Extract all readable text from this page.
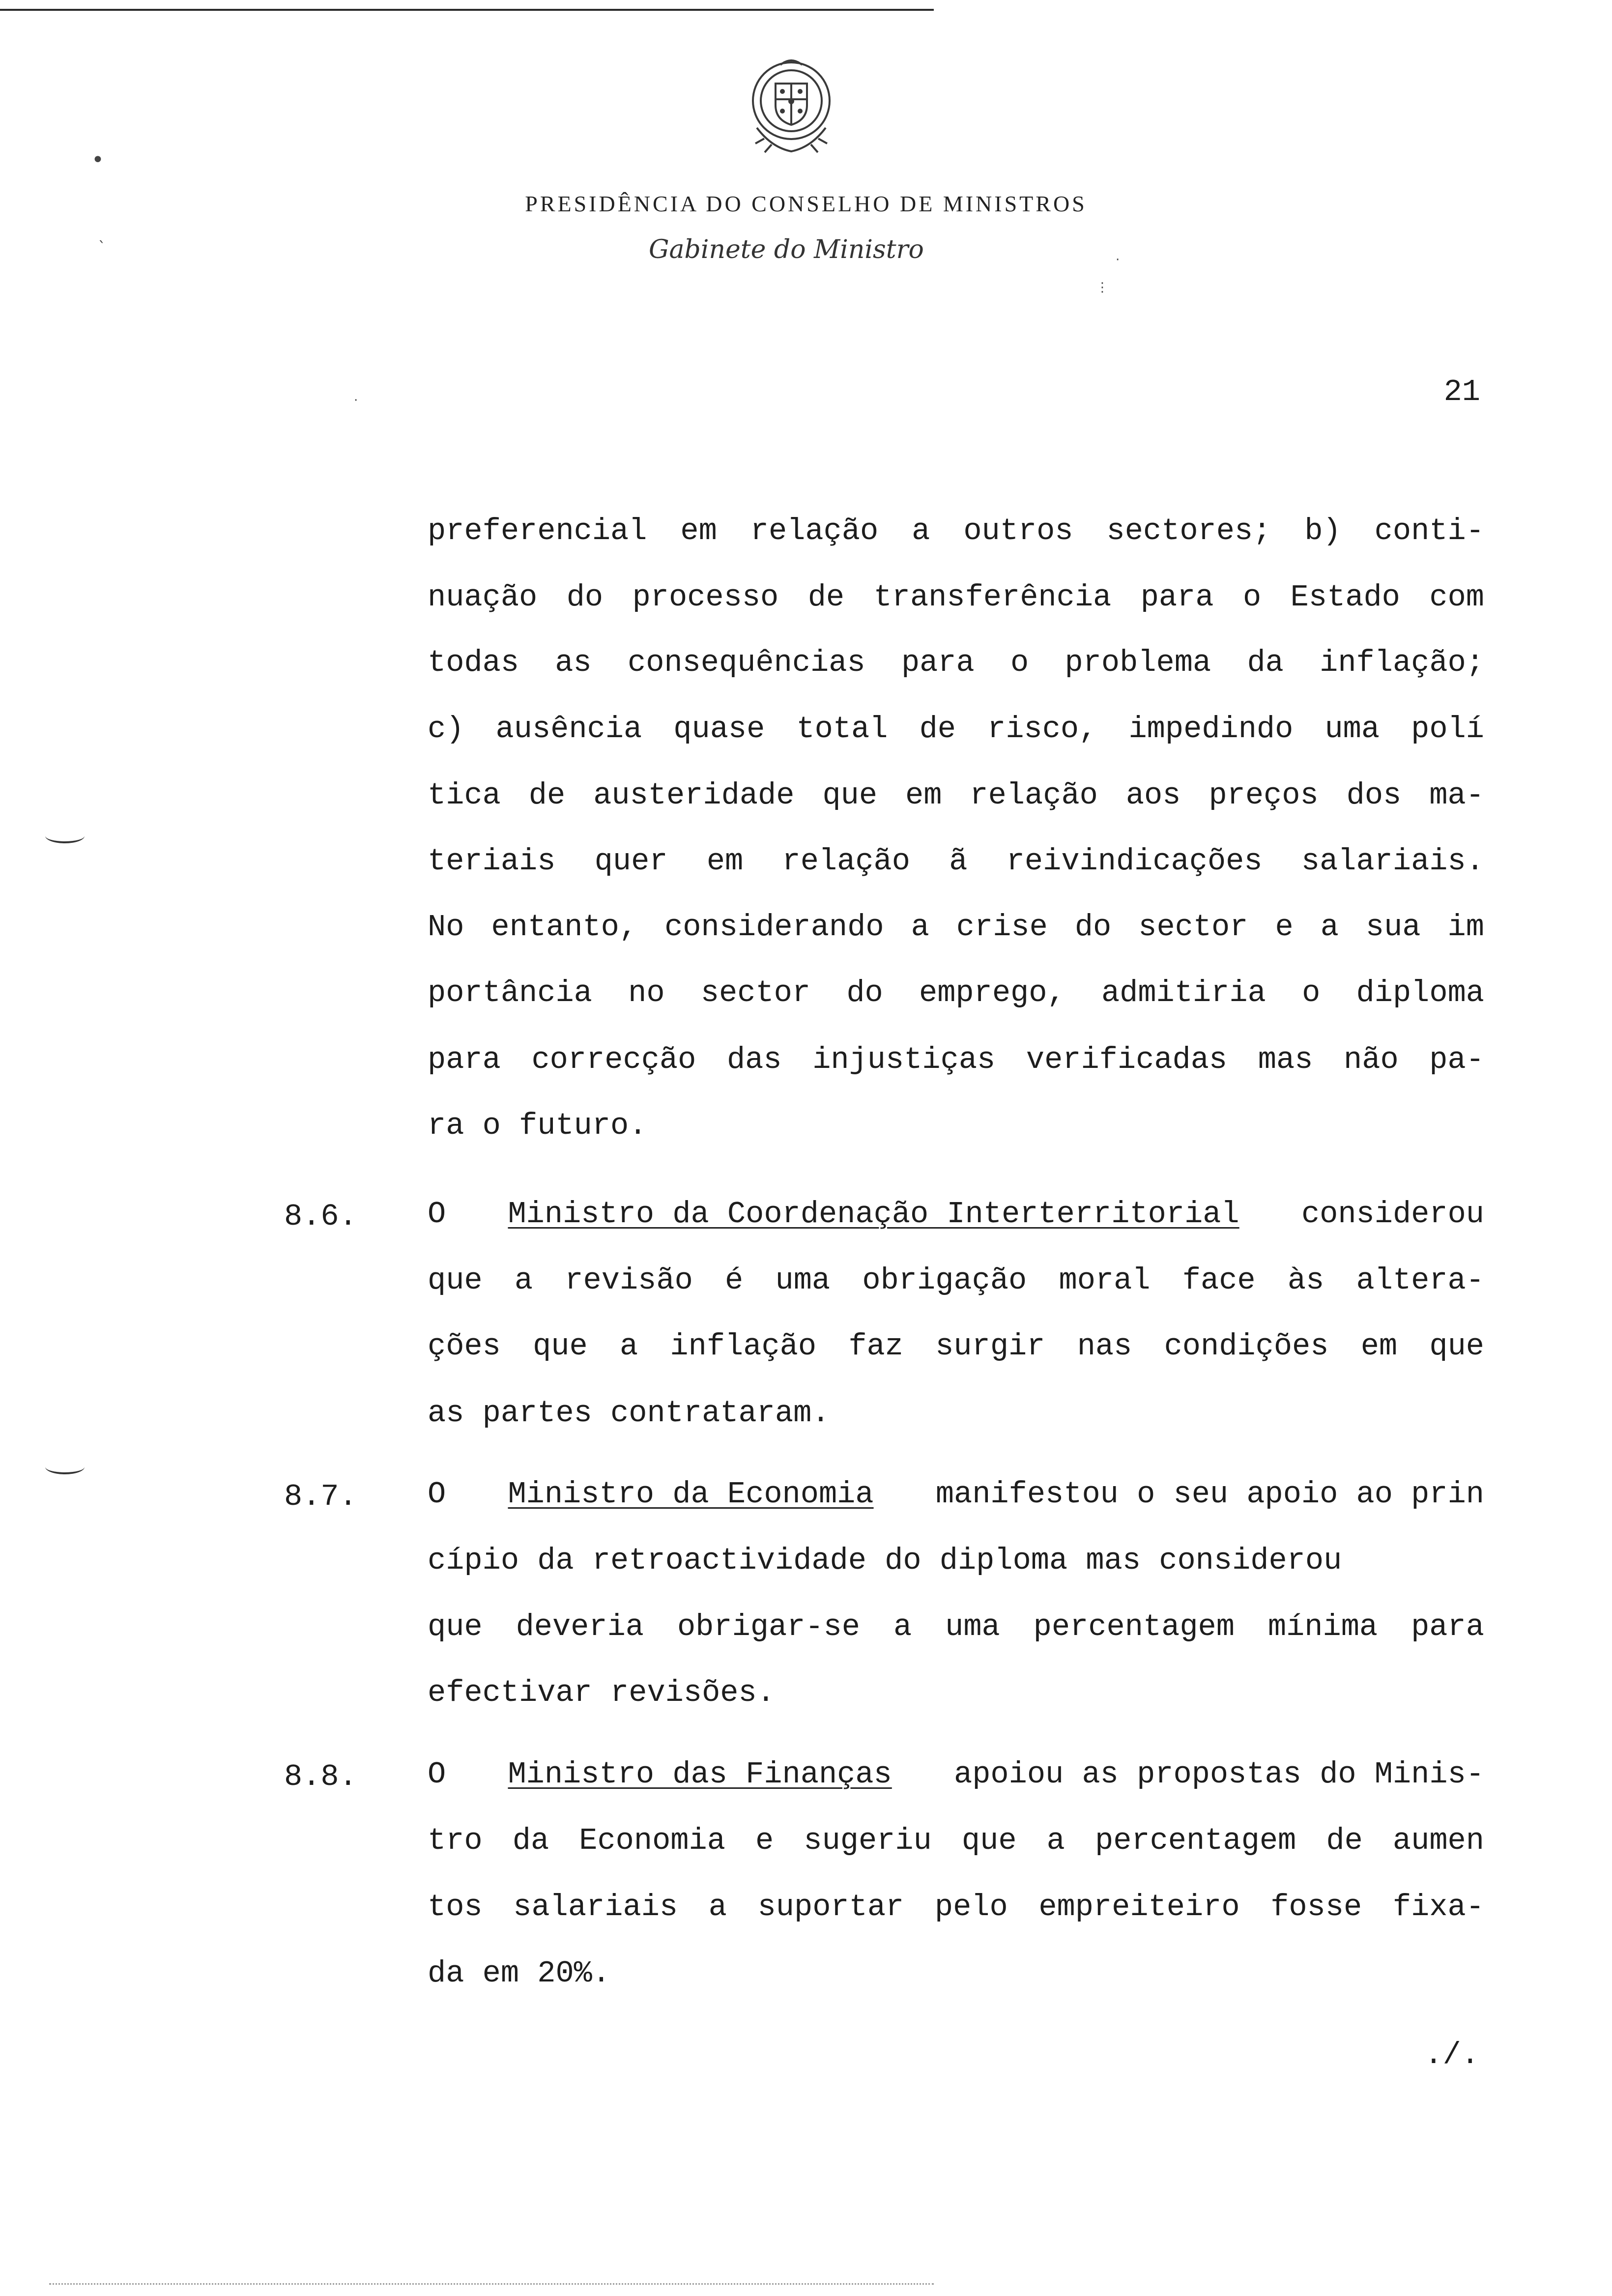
•
`
PRESIDÊNCIA DO CONSELHO DE MINISTROS
Gabinete do Ministro	·
⋮
·	21
preferencial em relação a outros sectores; b) conti-
nuação do processo de transferência para o Estado com
todas as consequências para o problema da inflação;
c) ausência quase total de risco, impedindo uma polí
tica de austeridade que em relação aos preços dos ma-
teriais quer em relação ã reivindicações salariais.
No entanto, considerando a crise do sector e a sua im
portância no sector do emprego, admitiria o diploma
para correcção das injustiças verificadas mas não pa-
ra o futuro.
8.6. O Ministro da Coordenação Interterritorial considerou
que a revisão é uma obrigação moral face às altera-
ções que a inflação faz surgir nas condições em que
as partes contrataram.
8.7. O Ministro da Economia manifestou o seu apoio ao prin
cípio da retroactividade do diploma mas considerou
que deveria obrigar-se a uma percentagem mínima para
efectivar revisões.
8.8. O Ministro das Finanças apoiou as propostas do Minis-
tro da Economia e sugeriu que a percentagem de aumen
tos salariais a suportar pelo empreiteiro fosse fixa-
da em 20%.
./.
